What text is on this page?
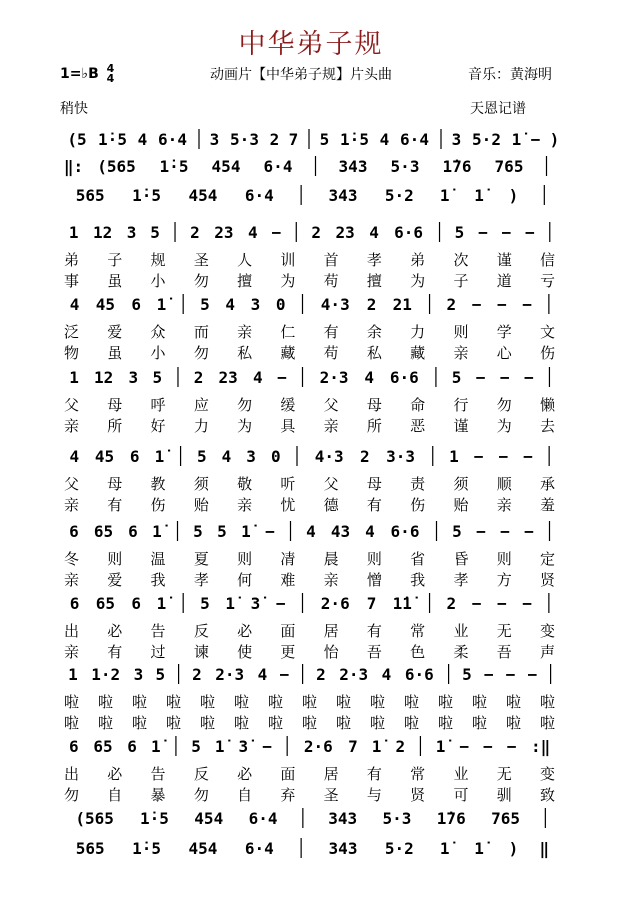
中华弟子规
1=♭B 4
4	动画片【中华弟子规】片头曲	音乐：黄海明
稍快	天恩记谱
(5 1̇·5 4 6·4 3 5·3 2 7 5 1̇·5 4 6·4 3 5·2 1̇ − )
‖: (565 1̇·5 454 6·4	343 5·3 1̇76 765
565 1̇·5 454 6·4	343 5·2 1̇	1̇	)
1 12 3 5 2 23 4 − 2 23 4 6·6 5 − − −
弟 子 规 圣 人 训 首 孝 弟 次 谨 信
事 虽 小 勿 擅 为 苟 擅 为 子 道 亏
4 45 6 1̇	5 4 3 0 4·3 2 21 2 − − −
泛 爱 众 而 亲 仁 有 余 力 则 学 文
物 虽 小 勿 私 藏 苟 私 藏 亲 心 伤
1 12 3 5 2 23 4 − 2·3 4 6·6 5 − − −
父 母 呼 应 勿 缓 父 母 命 行 勿 懒
亲 所 好 力 为 具 亲 所 恶 谨 为 去
4 45 6 1̇	5 4 3 0 4·3 2 3·3 1 − − −
父 母 教 须 敬 听 父 母 责 须 顺 承
亲 有 伤 贻 亲 忧 德 有 伤 贻 亲 羞
6 65 6 1̇	5 5 1̇ − 4 43 4 6·6 5 − − −
冬 则 温 夏 则 凊 晨 则 省 昏 则 定
亲 爱 我 孝 何 难 亲 憎 我 孝 方 贤
6 65 6 1̇	5 1̇ 3̇ − 2·6 7 1̇1̇	2 − − −
出 必 告 反 必 面 居 有 常 业 无 变
亲 有 过 谏 使 更 怡 吾 色 柔 吾 声
1 1·2 3 5 2 2·3 4 − 2 2·3 4 6·6 5 − − −
啦 啦 啦 啦 啦 啦 啦 啦 啦 啦 啦 啦 啦 啦 啦
啦 啦 啦 啦 啦 啦 啦 啦 啦 啦 啦 啦 啦 啦 啦
6 65 6 1̇	5 1̇ 3̇ − 2·6 7 1̇ 2 1̇ − − − :‖
出 必 告 反 必 面 居 有 常 业 无 变
勿 自 暴 勿 自 弃 圣 与 贤 可 驯 致
(565 1̇·5 454 6·4	343 5·3 1̇76 765
565 1̇·5 454 6·4	343 5·2 1̇	1̇	) ‖
